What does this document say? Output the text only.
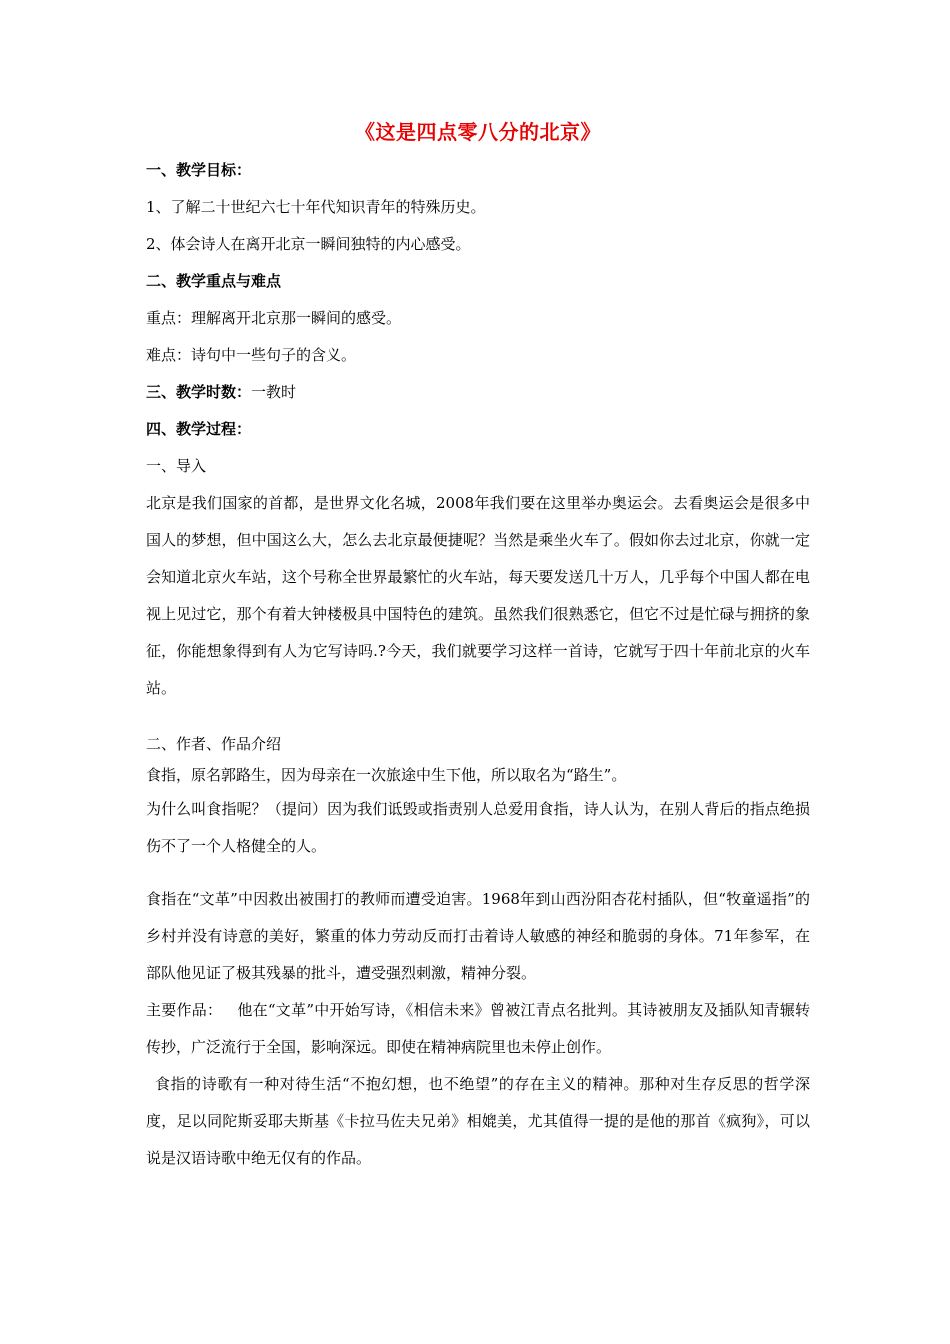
《这是四点零八分的北京》
一、教学目标：
1、了解二十世纪六七十年代知识青年的特殊历史。
2、体会诗人在离开北京一瞬间独特的内心感受。
二、教学重点与难点
重点：理解离开北京那一瞬间的感受。
难点：诗句中一些句子的含义。
三、教学时数：一教时
四、教学过程：
一、导入
北京是我们国家的首都，是世界文化名城，2008年我们要在这里举办奥运会。去看奥运会是很多中国人的梦想，但中国这么大，怎么去北京最便捷呢？当然是乘坐火车了。假如你去过北京，你就一定会知道北京火车站，这个号称全世界最繁忙的火车站，每天要发送几十万人，几乎每个中国人都在电视上见过它，那个有着大钟楼极具中国特色的建筑。虽然我们很熟悉它，但它不过是忙碌与拥挤的象征，你能想象得到有人为它写诗吗.?今天，我们就要学习这样一首诗，它就写于四十年前北京的火车站。
二、作者、作品介绍
食指，原名郭路生，因为母亲在一次旅途中生下他，所以取名为“路生”。
为什么叫食指呢？（提问）因为我们诋毁或指责别人总爱用食指，诗人认为，在别人背后的指点绝损伤不了一个人格健全的人。
食指在“文革”中因救出被围打的教师而遭受迫害。1968年到山西汾阳杏花村插队，但“牧童遥指”的乡村并没有诗意的美好，繁重的体力劳动反而打击着诗人敏感的神经和脆弱的身体。71年参军，在部队他见证了极其残暴的批斗，遭受强烈刺激，精神分裂。
主要作品：   他在“文革”中开始写诗，《相信未来》曾被江青点名批判。其诗被朋友及插队知青辗转传抄，广泛流行于全国，影响深远。即使在精神病院里也未停止创作。
食指的诗歌有一种对待生活“不抱幻想，也不绝望”的存在主义的精神。那种对生存反思的哲学深度，足以同陀斯妥耶夫斯基《卡拉马佐夫兄弟》相媲美，尤其值得一提的是他的那首《疯狗》，可以说是汉语诗歌中绝无仅有的作品。
